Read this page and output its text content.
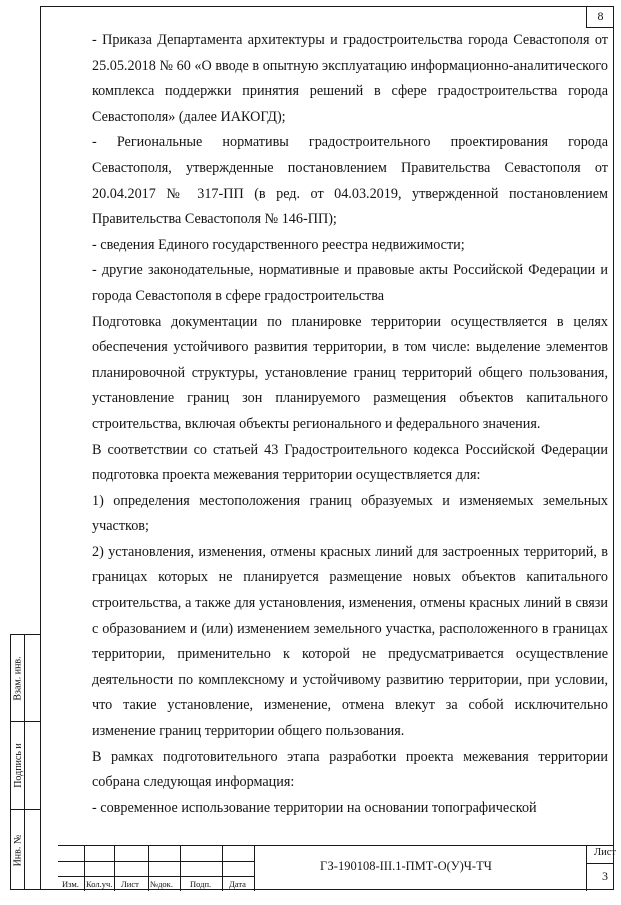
8

- Приказа Департамента архитектуры и градостроительства города Севастополя от 25.05.2018 № 60 «О вводе в опытную эксплуатацию информационно-аналитического комплекса поддержки принятия решений в сфере градостроительства города Севастополя» (далее ИАКОГД);

- Региональные нормативы градостроительного проектирования города Севастополя, утвержденные постановлением Правительства Севастополя от 20.04.2017 № 317-ПП (в ред. от 04.03.2019, утвержденной постановлением Правительства Севастополя № 146-ПП);

- сведения Единого государственного реестра недвижимости;

- другие законодательные, нормативные и правовые акты Российской Федерации и города Севастополя в сфере градостроительства

Подготовка документации по планировке территории осуществляется в целях обеспечения устойчивого развития территории, в том числе: выделение элементов планировочной структуры, установление границ территорий общего пользования, установление границ зон планируемого размещения объектов капитального строительства, включая объекты регионального и федерального значения.

В соответствии со статьей 43 Градостроительного кодекса Российской Федерации подготовка проекта межевания территории осуществляется для:

1) определения местоположения границ образуемых и изменяемых земельных участков;

2) установления, изменения, отмены красных линий для застроенных территорий, в границах которых не планируется размещение новых объектов капитального строительства, а также для установления, изменения, отмены красных линий в связи с образованием и (или) изменением земельного участка, расположенного в границах территории, применительно к которой не предусматривается осуществление деятельности по комплексному и устойчивому развитию территории, при условии, что такие установление, изменение, отмена влекут за собой исключительно изменение границ территории общего пользования.

В рамках подготовительного этапа разработки проекта межевания территории собрана следующая информация:

- современное использование территории на основании топографической

Взам. инв.
Подпись и
Инв. №
Изм. Кол.уч. Лист №док. Подп. Дата
ГЗ-190108-III.1-ПМТ-О(У)Ч-ТЧ
Лист
3
